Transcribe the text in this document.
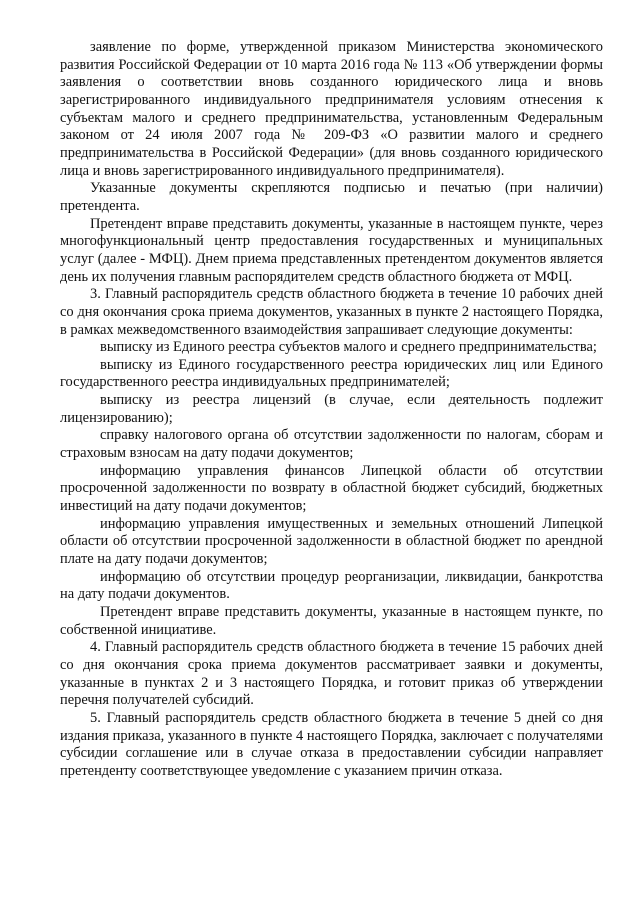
заявление по форме, утвержденной приказом Министерства экономического развития Российской Федерации от 10 марта 2016 года № 113 «Об утверждении формы заявления о соответствии вновь созданного юридического лица и вновь зарегистрированного индивидуального предпринимателя условиям отнесения к субъектам малого и среднего предпринимательства, установленным Федеральным законом от 24 июля 2007 года № 209-ФЗ «О развитии малого и среднего предпринимательства в Российской Федерации» (для вновь созданного юридического лица и вновь зарегистрированного индивидуального предпринимателя).

Указанные документы скрепляются подписью и печатью (при наличии) претендента.

Претендент вправе представить документы, указанные в настоящем пункте, через многофункциональный центр предоставления государственных и муниципальных услуг (далее - МФЦ). Днем приема представленных претендентом документов является день их получения главным распорядителем средств областного бюджета от МФЦ.

3. Главный распорядитель средств областного бюджета в течение 10 рабочих дней со дня окончания срока приема документов, указанных в пункте 2 настоящего Порядка, в рамках межведомственного взаимодействия запрашивает следующие документы:

выписку из Единого реестра субъектов малого и среднего предпринимательства;

выписку из Единого государственного реестра юридических лиц или Единого государственного реестра индивидуальных предпринимателей;

выписку из реестра лицензий (в случае, если деятельность подлежит лицензированию);

справку налогового органа об отсутствии задолженности по налогам, сборам и страховым взносам на дату подачи документов;

информацию управления финансов Липецкой области об отсутствии просроченной задолженности по возврату в областной бюджет субсидий, бюджетных инвестиций на дату подачи документов;

информацию управления имущественных и земельных отношений Липецкой области об отсутствии просроченной задолженности в областной бюджет по арендной плате на дату подачи документов;

информацию об отсутствии процедур реорганизации, ликвидации, банкротства на дату подачи документов.

Претендент вправе представить документы, указанные в настоящем пункте, по собственной инициативе.

4. Главный распорядитель средств областного бюджета в течение 15 рабочих дней со дня окончания срока приема документов рассматривает заявки и документы, указанные в пунктах 2 и 3 настоящего Порядка, и готовит приказ об утверждении перечня получателей субсидий.

5. Главный распорядитель средств областного бюджета в течение 5 дней со дня издания приказа, указанного в пункте 4 настоящего Порядка, заключает с получателями субсидии соглашение или в случае отказа в предоставлении субсидии направляет претенденту соответствующее уведомление с указанием причин отказа.
